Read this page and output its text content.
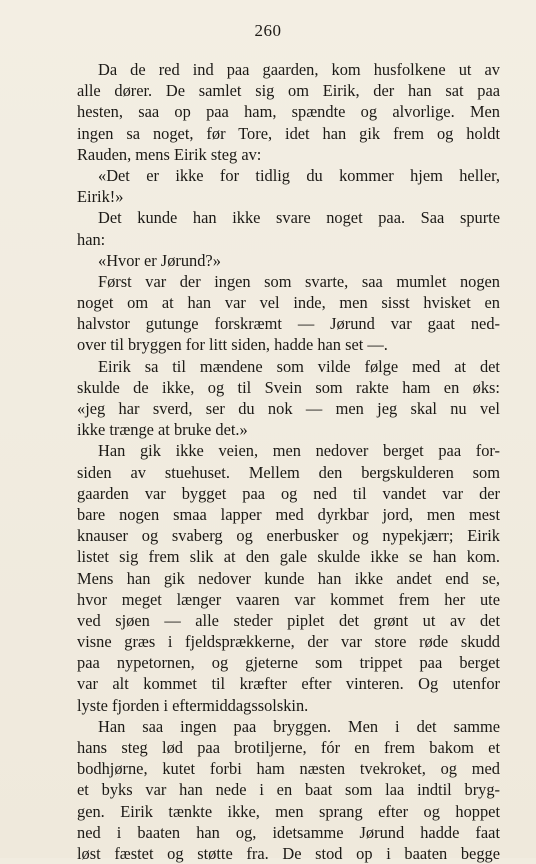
260
Da de red ind paa gaarden, kom husfolkene ut av
alle dører. De samlet sig om Eirik, der han sat paa
hesten, saa op paa ham, spændte og alvorlige. Men
ingen sa noget, før Tore, idet han gik frem og holdt
Rauden, mens Eirik steg av:
«Det er ikke for tidlig du kommer hjem heller,
Eirik!»
Det kunde han ikke svare noget paa. Saa spurte
han:
«Hvor er Jørund?»
Først var der ingen som svarte, saa mumlet nogen
noget om at han var vel inde, men sisst hvisket en
halvstor gutunge forskræmt — Jørund var gaat ned-
over til bryggen for litt siden, hadde han set —.
Eirik sa til mændene som vilde følge med at det
skulde de ikke, og til Svein som rakte ham en øks:
«jeg har sverd, ser du nok — men jeg skal nu vel
ikke trænge at bruke det.»
Han gik ikke veien, men nedover berget paa for-
siden av stuehuset. Mellem den bergskulderen som
gaarden var bygget paa og ned til vandet var der
bare nogen smaa lapper med dyrkbar jord, men mest
knauser og svaberg og enerbusker og nypekjærr; Eirik
listet sig frem slik at den gale skulde ikke se han kom.
Mens han gik nedover kunde han ikke andet end se,
hvor meget længer vaaren var kommet frem her ute
ved sjøen — alle steder piplet det grønt ut av det
visne græs i fjeldsprækkerne, der var store røde skudd
paa nypetornen, og gjeterne som trippet paa berget
var alt kommet til kræfter efter vinteren. Og utenfor
lyste fjorden i eftermiddagssolskin.
Han saa ingen paa bryggen. Men i det samme
hans steg lød paa brotiljerne, fór en frem bakom et
bodhjørne, kutet forbi ham næsten tvekroket, og med
et byks var han nede i en baat som laa indtil bryg-
gen. Eirik tænkte ikke, men sprang efter og hoppet
ned i baaten han og, idetsamme Jørund hadde faat
løst fæstet og støtte fra. De stod op i baaten begge
